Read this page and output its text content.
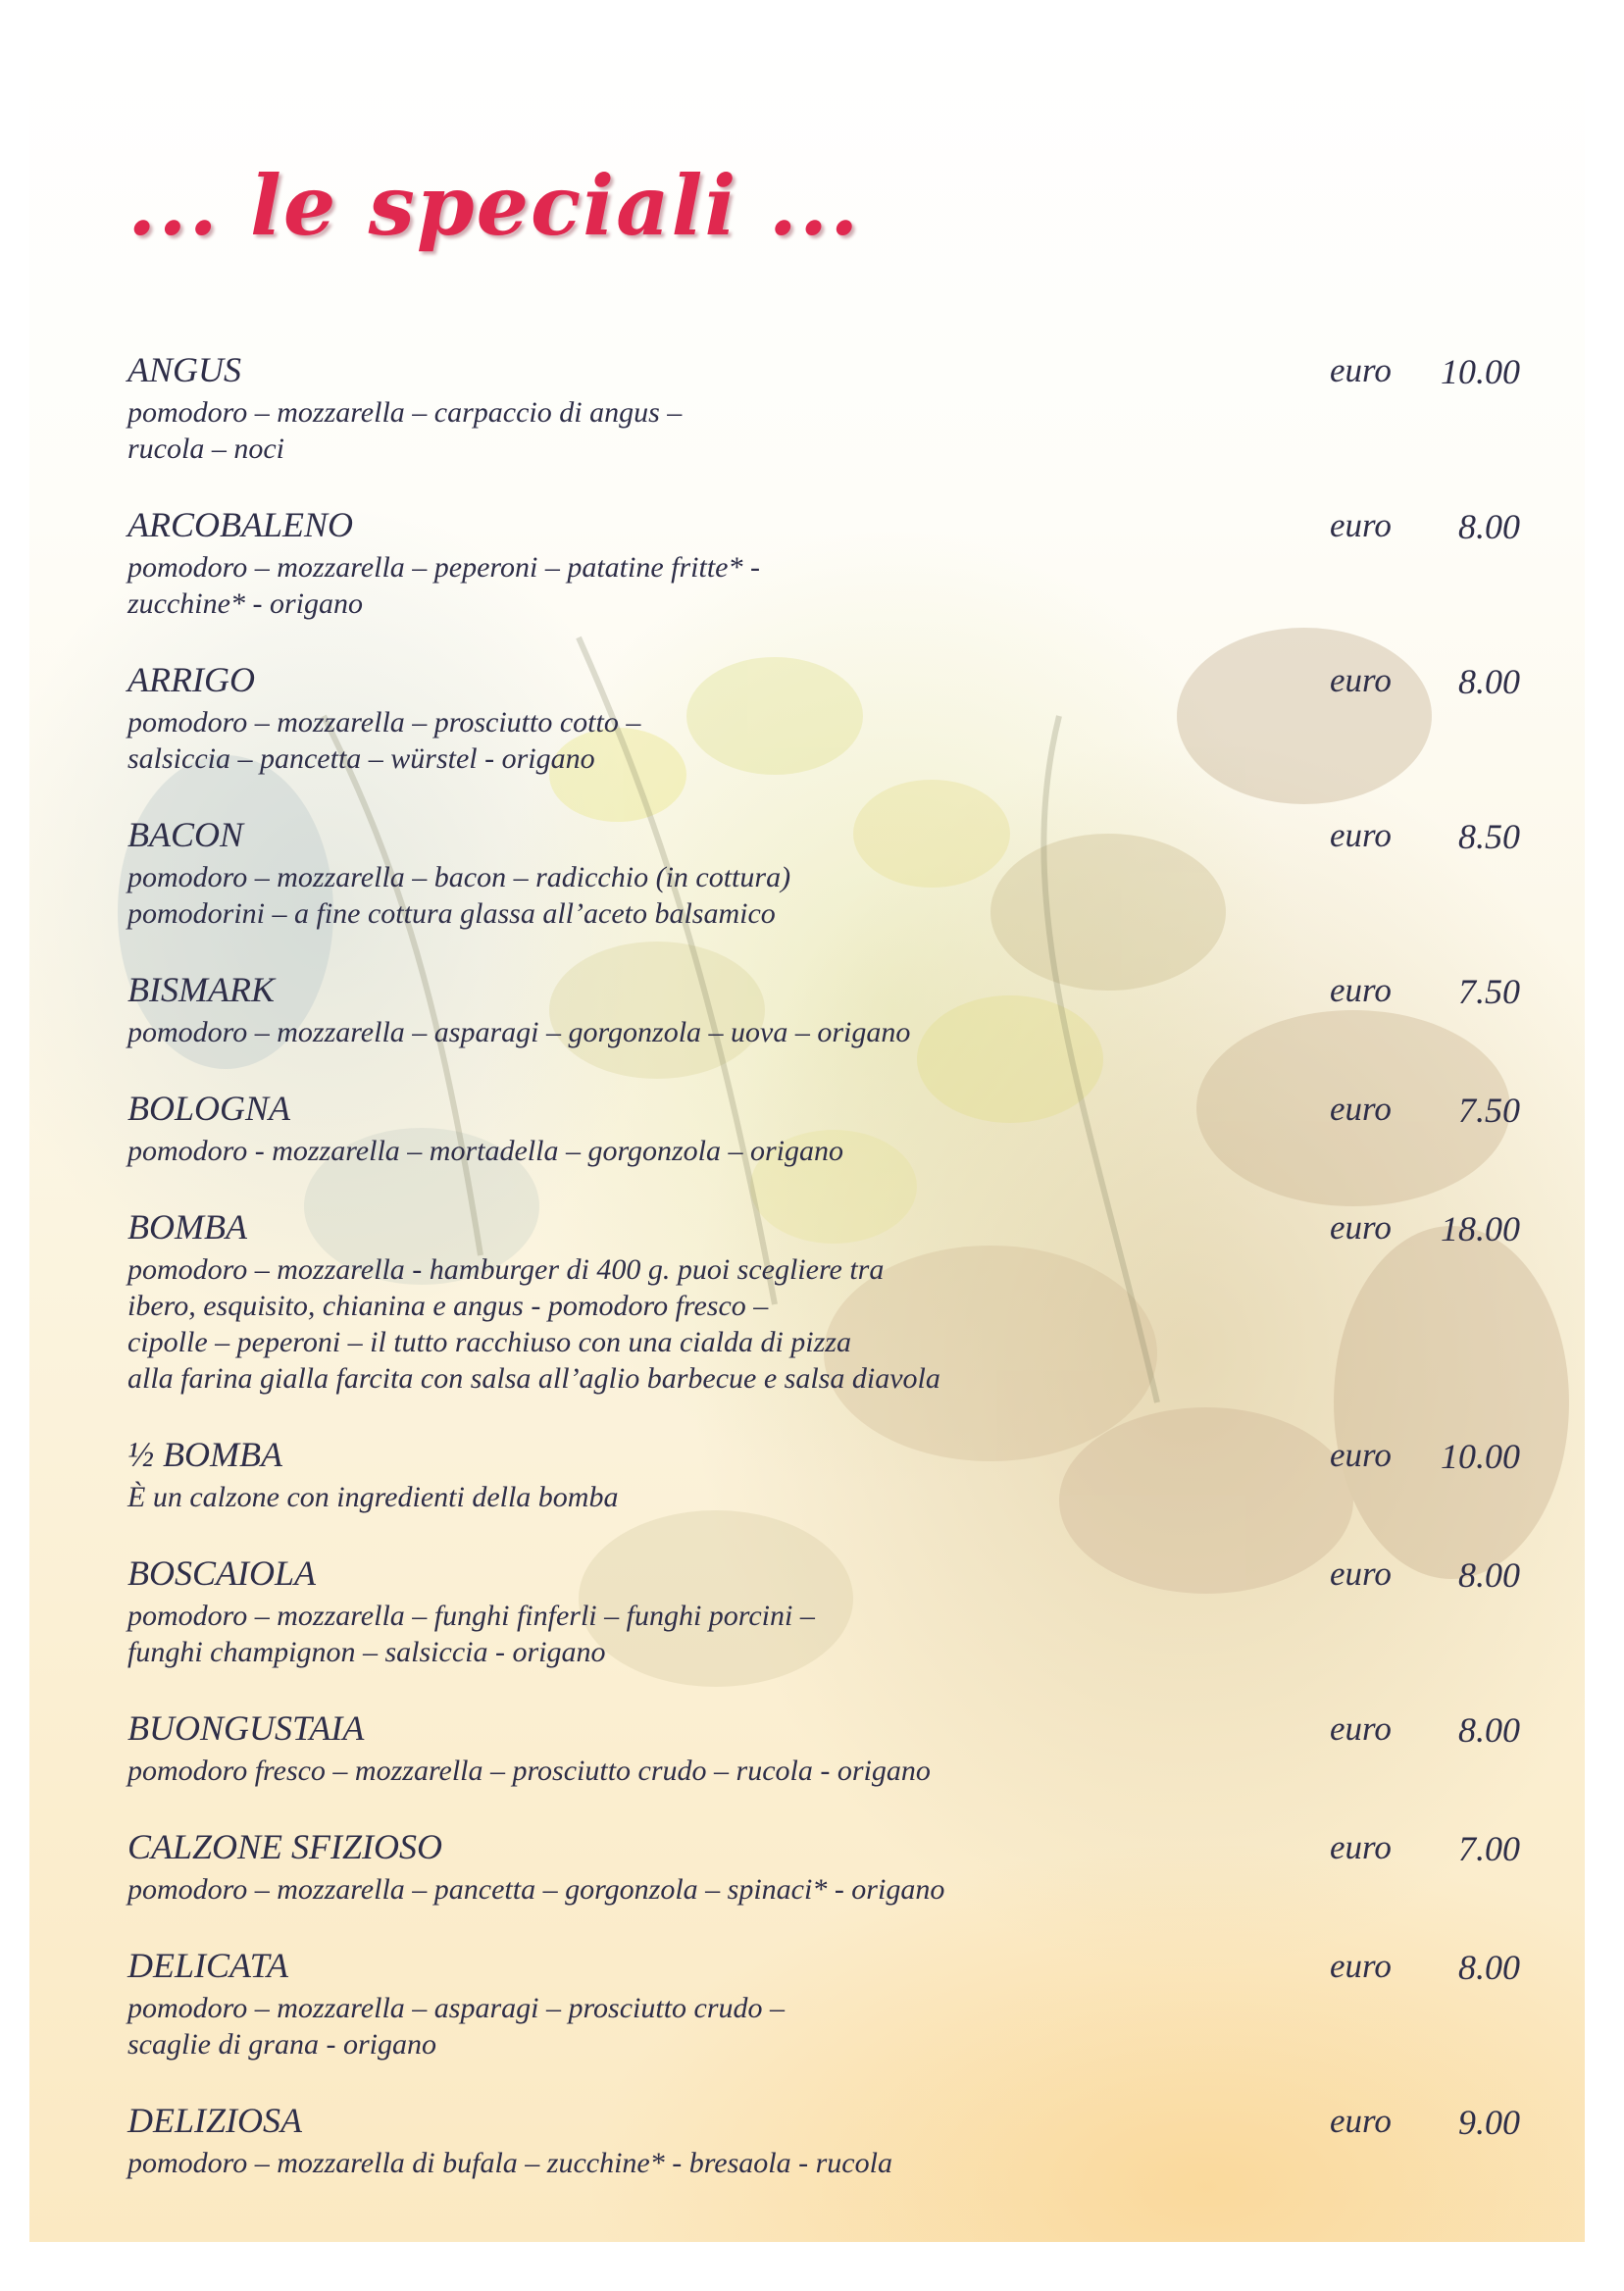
... le speciali ...
ANGUS	euro 10.00
pomodoro – mozzarella – carpaccio di angus –
rucola – noci
ARCOBALENO	euro 8.00
pomodoro – mozzarella – peperoni – patatine fritte* -
zucchine* - origano
ARRIGO	euro 8.00
pomodoro – mozzarella – prosciutto cotto –
salsiccia – pancetta – würstel - origano
BACON	euro 8.50
pomodoro – mozzarella – bacon – radicchio (in cottura)
pomodorini – a fine cottura glassa all’aceto balsamico
BISMARK	euro 7.50
pomodoro – mozzarella – asparagi – gorgonzola – uova – origano
BOLOGNA	euro 7.50
pomodoro - mozzarella – mortadella – gorgonzola – origano
BOMBA	euro 18.00
pomodoro – mozzarella - hamburger di 400 g. puoi scegliere tra
ibero, esquisito, chianina e angus - pomodoro fresco –
cipolle – peperoni – il tutto racchiuso con una cialda di pizza
alla farina gialla farcita con salsa all’aglio barbecue e salsa diavola
½ BOMBA	euro 10.00
È un calzone con ingredienti della bomba
BOSCAIOLA	euro 8.00
pomodoro – mozzarella – funghi finferli – funghi porcini –
funghi champignon – salsiccia - origano
BUONGUSTAIA	euro 8.00
pomodoro fresco – mozzarella – prosciutto crudo – rucola - origano
CALZONE SFIZIOSO	euro 7.00
pomodoro – mozzarella – pancetta – gorgonzola – spinaci* - origano
DELICATA	euro 8.00
pomodoro – mozzarella – asparagi – prosciutto crudo –
scaglie di grana - origano
DELIZIOSA	euro 9.00
pomodoro – mozzarella di bufala – zucchine* - bresaola - rucola
